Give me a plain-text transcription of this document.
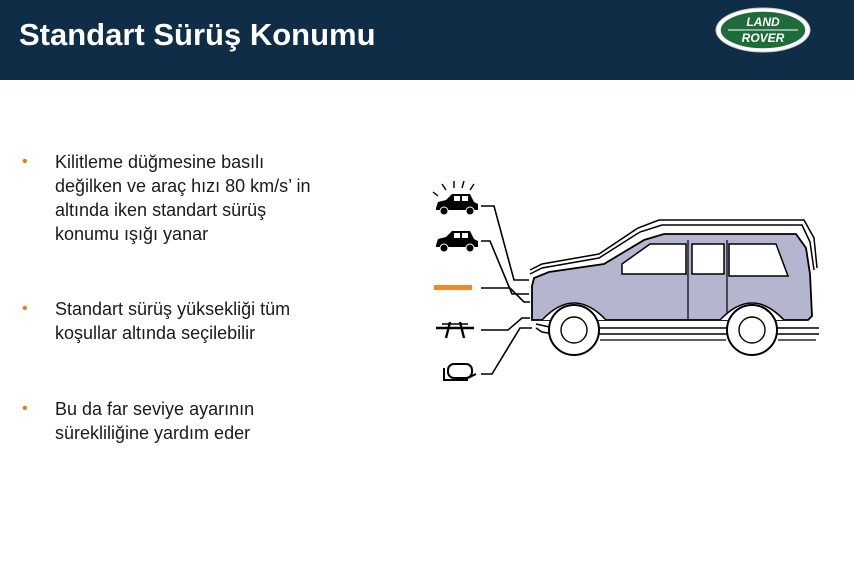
Standart Sürüş Konumu	LAND
ROVER
• Kilitleme düğmesine basılı
değilken ve araç hızı 80 km/s’ in
altında iken standart sürüş
konumu ışığı yanar
• Standart sürüş yüksekliği tüm
koşullar altında seçilebilir
• Bu da far seviye ayarının
sürekliliğine yardım eder
